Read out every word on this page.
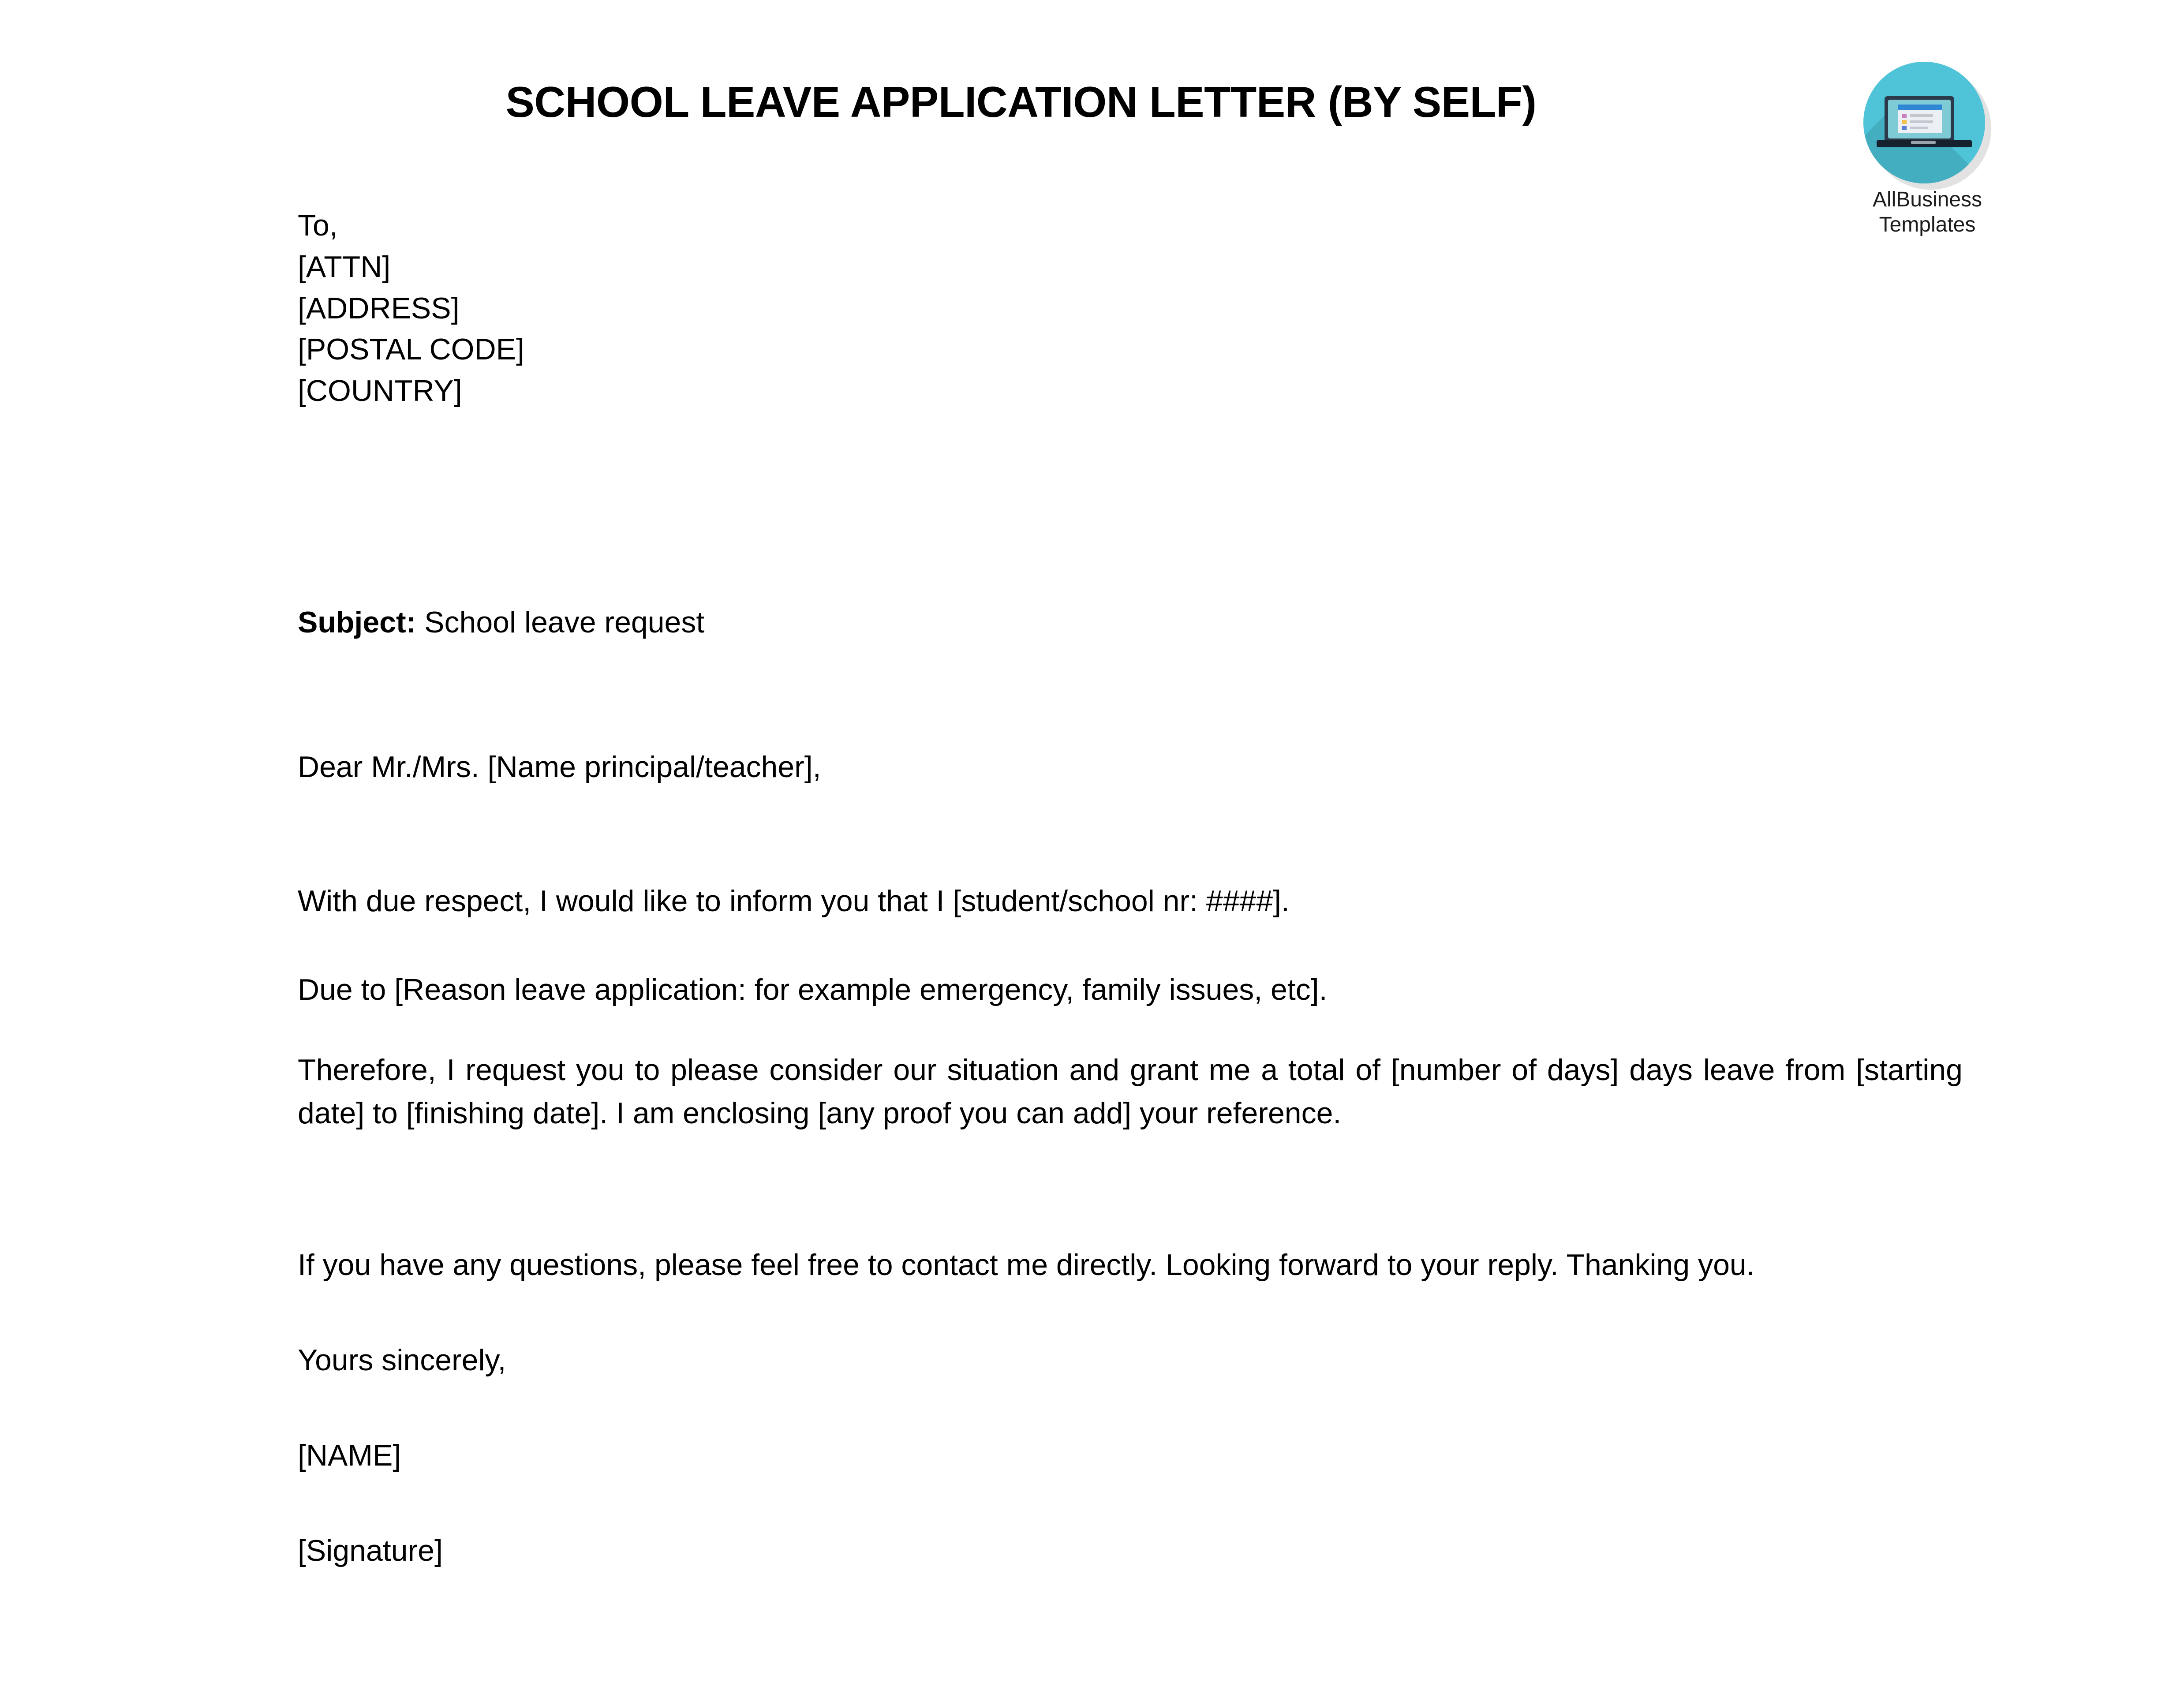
SCHOOL LEAVE APPLICATION LETTER (BY SELF)
AllBusiness
Templates
To,
[ATTN]
[ADDRESS]
[POSTAL CODE]
[COUNTRY]
Subject: School leave request
Dear Mr./Mrs. [Name principal/teacher],
With due respect, I would like to inform you that I [student/school nr: ####].
Due to [Reason leave application: for example emergency, family issues, etc].
Therefore, I request you to please consider our situation and grant me a total of [number of days] days leave from [starting date] to [finishing date]. I am enclosing [any proof you can add] your reference.
If you have any questions, please feel free to contact me directly. Looking forward to your reply. Thanking you.
Yours sincerely,
[NAME]
[Signature]
